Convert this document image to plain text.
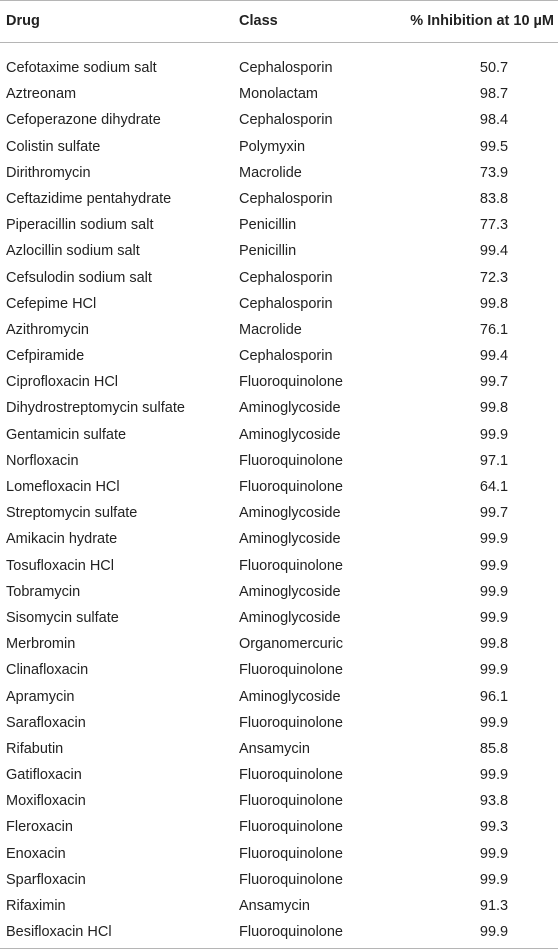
Drug	Class	% Inhibition at 10 µM
Cefotaxime sodium salt	Cephalosporin	50.7
Aztreonam	Monolactam	98.7
Cefoperazone dihydrate	Cephalosporin	98.4
Colistin sulfate	Polymyxin	99.5
Dirithromycin	Macrolide	73.9
Ceftazidime pentahydrate	Cephalosporin	83.8
Piperacillin sodium salt	Penicillin	77.3
Azlocillin sodium salt	Penicillin	99.4
Cefsulodin sodium salt	Cephalosporin	72.3
Cefepime HCl	Cephalosporin	99.8
Azithromycin	Macrolide	76.1
Cefpiramide	Cephalosporin	99.4
Ciprofloxacin HCl	Fluoroquinolone	99.7
Dihydrostreptomycin sulfate	Aminoglycoside	99.8
Gentamicin sulfate	Aminoglycoside	99.9
Norfloxacin	Fluoroquinolone	97.1
Lomefloxacin HCl	Fluoroquinolone	64.1
Streptomycin sulfate	Aminoglycoside	99.7
Amikacin hydrate	Aminoglycoside	99.9
Tosufloxacin HCl	Fluoroquinolone	99.9
Tobramycin	Aminoglycoside	99.9
Sisomycin sulfate	Aminoglycoside	99.9
Merbromin	Organomercuric	99.8
Clinafloxacin	Fluoroquinolone	99.9
Apramycin	Aminoglycoside	96.1
Sarafloxacin	Fluoroquinolone	99.9
Rifabutin	Ansamycin	85.8
Gatifloxacin	Fluoroquinolone	99.9
Moxifloxacin	Fluoroquinolone	93.8
Fleroxacin	Fluoroquinolone	99.3
Enoxacin	Fluoroquinolone	99.9
Sparfloxacin	Fluoroquinolone	99.9
Rifaximin	Ansamycin	91.3
Besifloxacin HCl	Fluoroquinolone	99.9
